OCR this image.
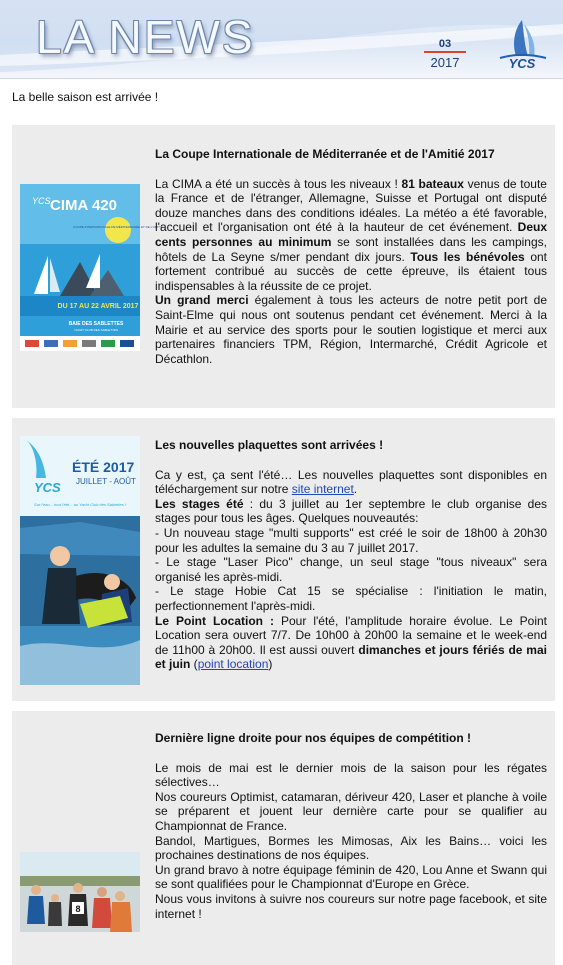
LA NEWS	03
2017	YCS
La belle saison est arrivée !
YCS CIMA 420
COUPE INTERNATIONALE DE MÉDITERRANÉE ET DE L'AMITIÉ
DU 17 AU 22 AVRIL 2017
BAIE DES SABLETTES
YACHT CLUB DES SABLETTES
La Coupe Internationale de Méditerranée et de l'Amitié 2017

La CIMA a été un succès à tous les niveaux ! 81 bateaux venus de toute la France et de l'étranger, Allemagne, Suisse et Portugal ont disputé douze manches dans des conditions idéales. La météo a été favorable, l'accueil et l'organisation ont été à la hauteur de cet événement. Deux cents personnes au minimum se sont installées dans les campings, hôtels de La Seyne s/mer pendant dix jours. Tous les bénévoles ont fortement contribué au succès de cette épreuve, ils étaient tous indispensables à la réussite de ce projet.

Un grand merci également à tous les acteurs de notre petit port de Saint-Elme qui nous ont soutenus pendant cet événement. Merci à la Mairie et au service des sports pour le soutien logistique et merci aux partenaires financiers TPM, Région, Intermarché, Crédit Agricole et Décathlon.

YCS
ÉTÉ 2017
JUILLET - AOÛT
Sur l'eau... tout l'été... au Yacht Club des Sablettes !
Les nouvelles plaquettes sont arrivées !

Ca y est, ça sent l'été… Les nouvelles plaquettes sont disponibles en téléchargement sur notre site internet.

Les stages été : du 3 juillet au 1er septembre le club organise des stages pour tous les âges. Quelques nouveautés:

- Un nouveau stage "multi supports" est créé le soir de 18h00 à 20h30 pour les adultes la semaine du 3 au 7 juillet 2017.

- Le stage "Laser Pico" change, un seul stage "tous niveaux" sera organisé les après-midi.

- Le stage Hobie Cat 15 se spécialise : l'initiation le matin, perfectionnement l'après-midi.

Le Point Location : Pour l'été, l'amplitude horaire évolue. Le Point Location sera ouvert 7/7. De 10h00 à 20h00 la semaine et le week-end de 11h00 à 20h00. Il est aussi ouvert dimanches et jours fériés de mai et juin (point location)

8
Dernière ligne droite pour nos équipes de compétition !

Le mois de mai est le dernier mois de la saison pour les régates sélectives…

Nos coureurs Optimist, catamaran, dériveur 420, Laser et planche à voile se préparent et jouent leur dernière carte pour se qualifier au Championnat de France.

Bandol, Martigues, Bormes les Mimosas, Aix les Bains… voici les prochaines destinations de nos équipes.

Un grand bravo à notre équipage féminin de 420, Lou Anne et Swann qui se sont qualifiées pour le Championnat d'Europe en Grèce.

Nous vous invitons à suivre nos coureurs sur notre page facebook, et site internet !
